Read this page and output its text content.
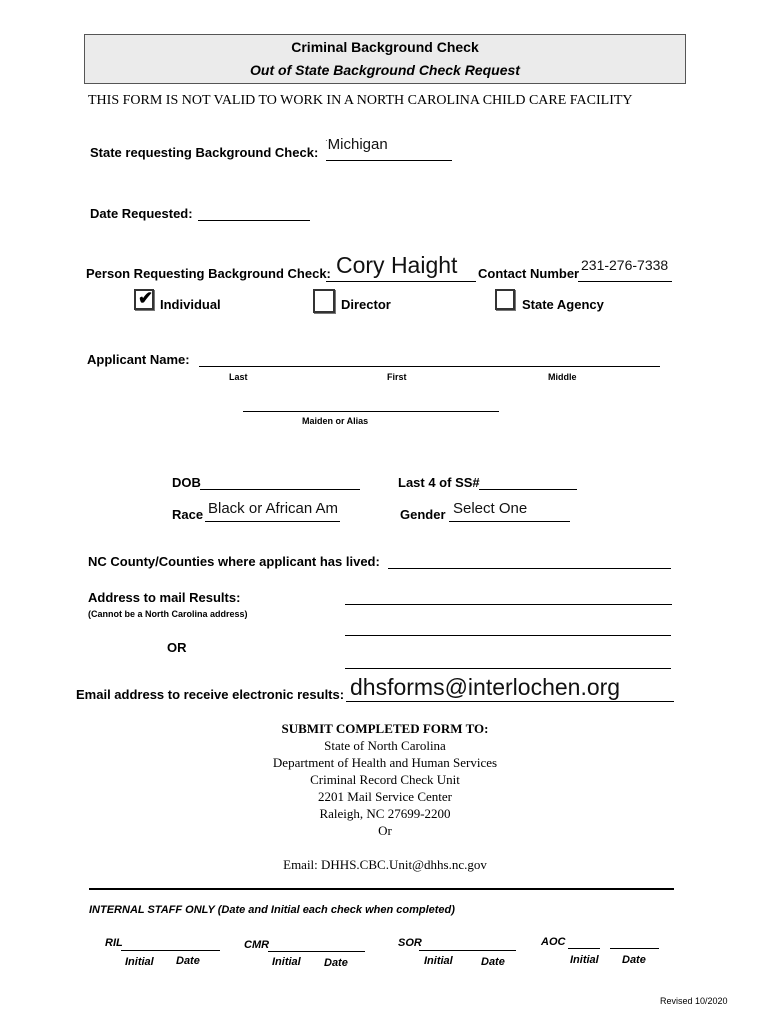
Criminal Background Check
Out of State Background Check Request
THIS FORM IS NOT VALID TO WORK IN A NORTH CAROLINA CHILD CARE FACILITY
State requesting Background Check:
·Michigan
Date Requested:
Person Requesting Background Check: Cory Haight Contact Number
231-276-7338
✔ Individual	Director	State Agency
Applicant Name:
Last	First	Middle
Maiden or Alias
DOB	Last 4 of SS#
Race Black or African Am	Gender Select One
NC County/Counties where applicant has lived:
Address to mail Results:
(Cannot be a North Carolina address)
OR
Email address to receive electronic results: dhsforms@interlochen.org
SUBMIT COMPLETED FORM TO:
State of North Carolina
Department of Health and Human Services
Criminal Record Check Unit
2201 Mail Service Center
Raleigh, NC 27699-2200
Or
Email: DHHS.CBC.Unit@dhhs.nc.gov
INTERNAL STAFF ONLY (Date and Initial each check when completed)
RIL
Initial Date
CMR
Initial Date
SOR
Initial	Date
AOC
Initial Date
Revised 10/2020
